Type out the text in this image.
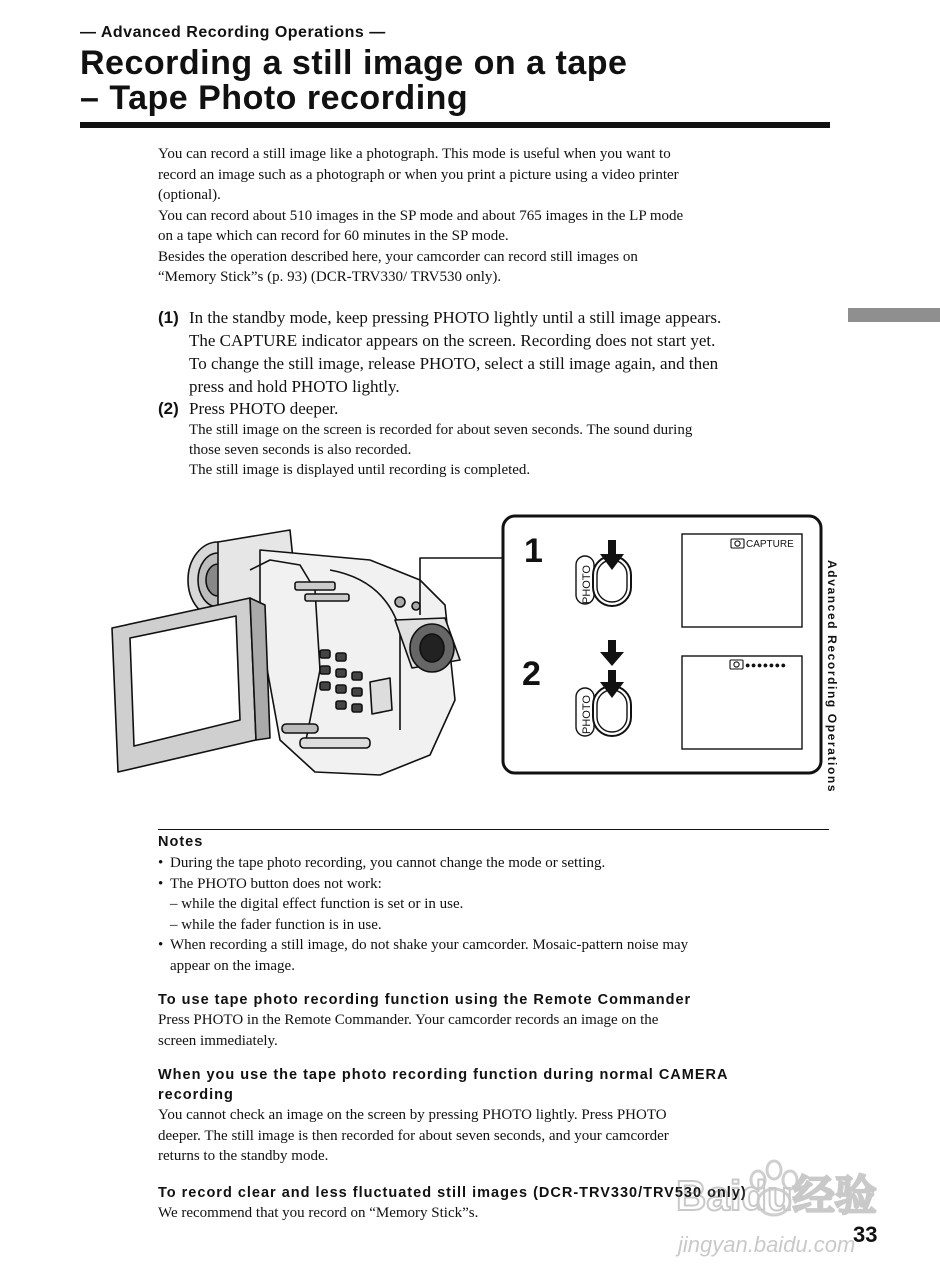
— Advanced Recording Operations —
Recording a still image on a tape
– Tape Photo recording
You can record a still image like a photograph. This mode is useful when you want to
record an image such as a photograph or when you print a picture using a video printer
(optional).
You can record about 510 images in the SP mode and about 765 images in the LP mode
on a tape which can record for 60 minutes in the SP mode.
Besides the operation described here, your camcorder can record still images on
“Memory Stick”s (p. 93) (DCR-TRV330/ TRV530 only).
(1) In the standby mode, keep pressing PHOTO lightly until a still image appears.
The CAPTURE indicator appears on the screen. Recording does not start yet.
To change the still image, release PHOTO, select a still image again, and then
press and hold PHOTO lightly.
(2) Press PHOTO deeper.
The still image on the screen is recorded for about seven seconds. The sound during
those seven seconds is also recorded.
The still image is displayed until recording is completed.
Advanced Recording Operations
1
PHOTO
CAPTURE
2
PHOTO
●●●●●●●
Notes
• During the tape photo recording, you cannot change the mode or setting.
• The PHOTO button does not work:
– while the digital effect function is set or in use.
– while the fader function is in use.
• When recording a still image, do not shake your camcorder. Mosaic-pattern noise may
appear on the image.
To use tape photo recording function using the Remote Commander

Press PHOTO in the Remote Commander. Your camcorder records an image on the

screen immediately.

When you use the tape photo recording function during normal CAMERA
recording

You cannot check an image on the screen by pressing PHOTO lightly. Press PHOTO

deeper. The still image is then recorded for about seven seconds, and your camcorder

returns to the standby mode.

To record clear and less fluctuated still images (DCR-TRV330/TRV530 only)

We recommend that you record on “Memory Stick”s.	Baidu经验
jingyan.baidu.com
33
